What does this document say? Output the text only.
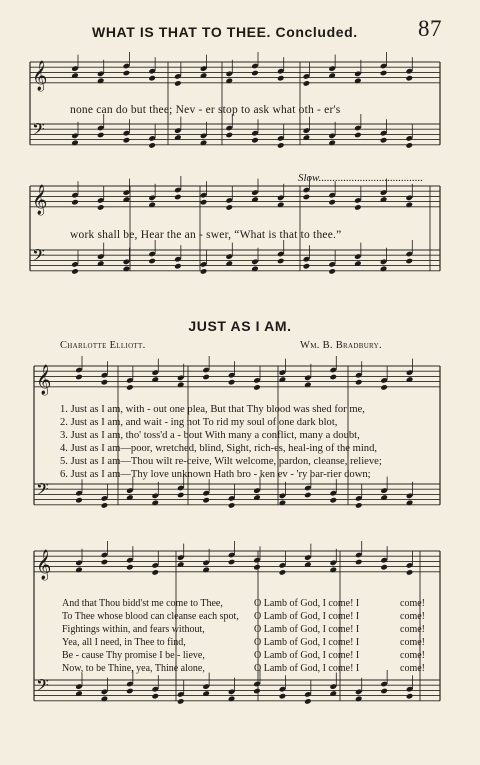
𝄞
𝄢
𝄞
𝄢
𝄞
𝄢
𝄞
𝄢
WHAT IS THAT TO THEE. Concluded.	87
none can do but thee; Nev - er stop to ask what oth - er's
Slow......................................
work shall be, Hear the an - swer, “What is that to thee.”
JUST AS I AM.
Charlotte Elliott.	Wm. B. Bradbury.
1. Just as I am, with - out one plea, But that Thy blood was shed for me,
2. Just as I am, and wait - ing not To rid my soul of one dark blot,
3. Just as I am, tho' toss'd a - bout With many a conflict, many a doubt,
4. Just as I am—poor, wretched, blind, Sight, rich-es, heal-ing of the mind,
5. Just as I am—Thou wilt re-ceive, Wilt welcome, pardon, cleanse, relieve;
6. Just as I am—Thy love unknown Hath bro - ken ev - 'ry bar-rier down;
And that Thou bidd'st me come to Thee,
To Thee whose blood can cleanse each spot,
Fightings within, and fears without,
Yea, all I need, in Thee to find,
Be - cause Thy promise I be - lieve,
Now, to be Thine, yea, Thine alone,
O Lamb of God, I come! I
O Lamb of God, I come! I
O Lamb of God, I come! I
O Lamb of God, I come! I
O Lamb of God, I come! I
O Lamb of God, I come! I
come!
come!
come!
come!
come!
come!
